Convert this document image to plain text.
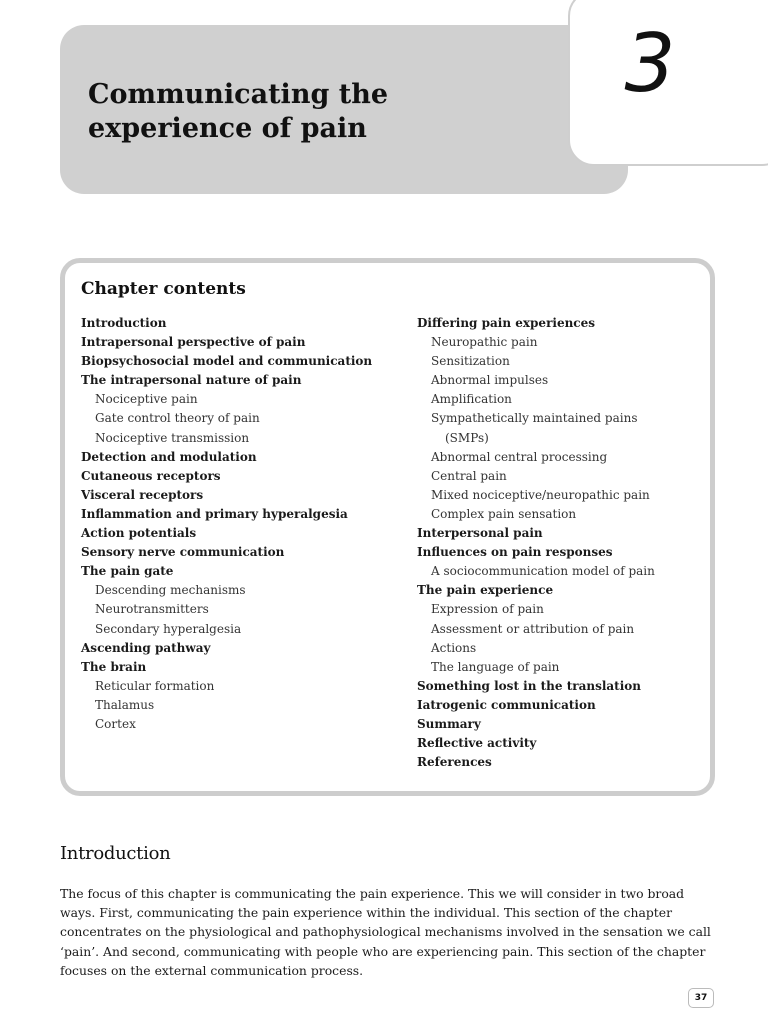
Communicating the
experience of pain
3
Chapter contents
Introduction
Intrapersonal perspective of pain
Biopsychosocial model and communication
The intrapersonal nature of pain
Nociceptive pain
Gate control theory of pain
Nociceptive transmission
Detection and modulation
Cutaneous receptors
Visceral receptors
Inflammation and primary hyperalgesia
Action potentials
Sensory nerve communication
The pain gate
Descending mechanisms
Neurotransmitters
Secondary hyperalgesia
Ascending pathway
The brain
Reticular formation
Thalamus
Cortex
Differing pain experiences
Neuropathic pain
Sensitization
Abnormal impulses
Amplification
Sympathetically maintained pains
(SMPs)
Abnormal central processing
Central pain
Mixed nociceptive/neuropathic pain
Complex pain sensation
Interpersonal pain
Influences on pain responses
A sociocommunication model of pain
The pain experience
Expression of pain
Assessment or attribution of pain
Actions
The language of pain
Something lost in the translation
Iatrogenic communication
Summary
Reflective activity
References
Introduction

The focus of this chapter is communicating the pain experience. This we will consider in two broad ways. First, communicating the pain experience within the individual. This section of the chapter concentrates on the physiological and pathophysiological mechanisms involved in the sensation we call ‘pain’. And second, communicating with people who are experiencing pain. This section of the chapter focuses on the external communication process.

37
